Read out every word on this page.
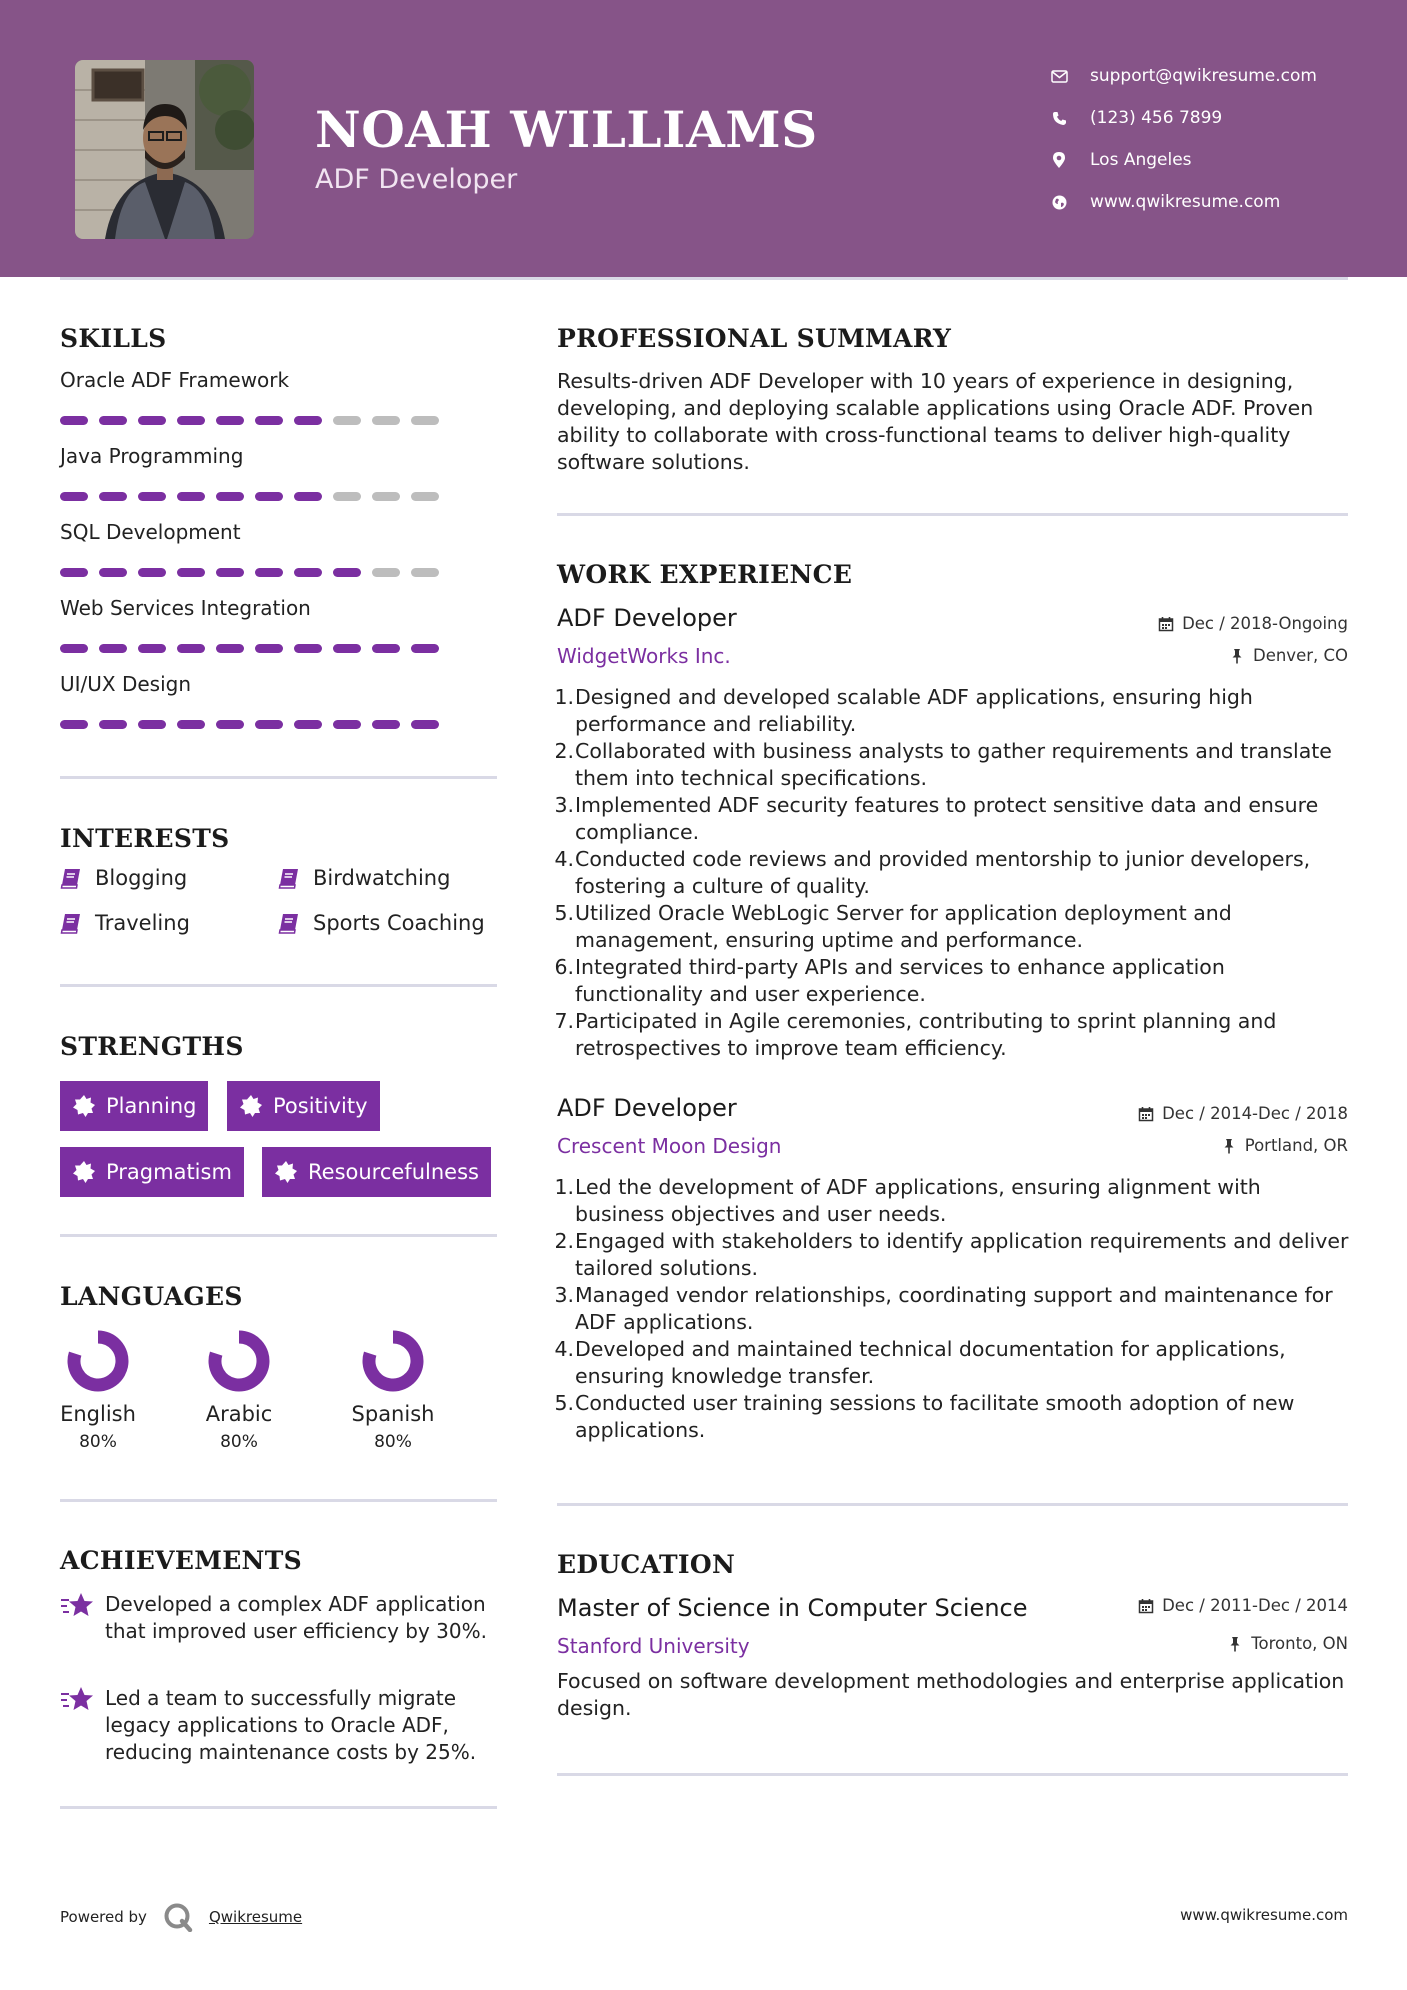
NOAH WILLIAMS
ADF Developer
support@qwikresume.com
(123) 456 7899
Los Angeles
www.qwikresume.com
SKILLS
Oracle ADF Framework
Java Programming
SQL Development
Web Services Integration
UI/UX Design
INTERESTS
Blogging	Birdwatching
Traveling	Sports Coaching
STRENGTHS
Planning	Positivity
Pragmatism	Resourcefulness
LANGUAGES
English
80%
Arabic
80%
Spanish
80%
ACHIEVEMENTS
Developed a complex ADF application that improved user efficiency by 30%.
Led a team to successfully migrate legacy applications to Oracle ADF, reducing maintenance costs by 25%.
PROFESSIONAL SUMMARY
Results-driven ADF Developer with 10 years of experience in designing, developing, and deploying scalable applications using Oracle ADF. Proven ability to collaborate with cross-functional teams to deliver high-quality software solutions.
WORK EXPERIENCE
ADF Developer
WidgetWorks Inc.
Dec / 2018-Ongoing
Denver, CO
1. Designed and developed scalable ADF applications, ensuring high performance and reliability.
2. Collaborated with business analysts to gather requirements and translate them into technical specifications.
3. Implemented ADF security features to protect sensitive data and ensure compliance.
4. Conducted code reviews and provided mentorship to junior developers, fostering a culture of quality.
5. Utilized Oracle WebLogic Server for application deployment and management, ensuring uptime and performance.
6. Integrated third-party APIs and services to enhance application functionality and user experience.
7. Participated in Agile ceremonies, contributing to sprint planning and retrospectives to improve team efficiency.
ADF Developer
Crescent Moon Design
Dec / 2014-Dec / 2018
Portland, OR
1. Led the development of ADF applications, ensuring alignment with business objectives and user needs.
2. Engaged with stakeholders to identify application requirements and deliver tailored solutions.
3. Managed vendor relationships, coordinating support and maintenance for ADF applications.
4. Developed and maintained technical documentation for applications, ensuring knowledge transfer.
5. Conducted user training sessions to facilitate smooth adoption of new applications.
EDUCATION
Master of Science in Computer Science
Stanford University
Dec / 2011-Dec / 2014
Toronto, ON
Focused on software development methodologies and enterprise application design.
Powered by	Qwikresume	www.qwikresume.com
